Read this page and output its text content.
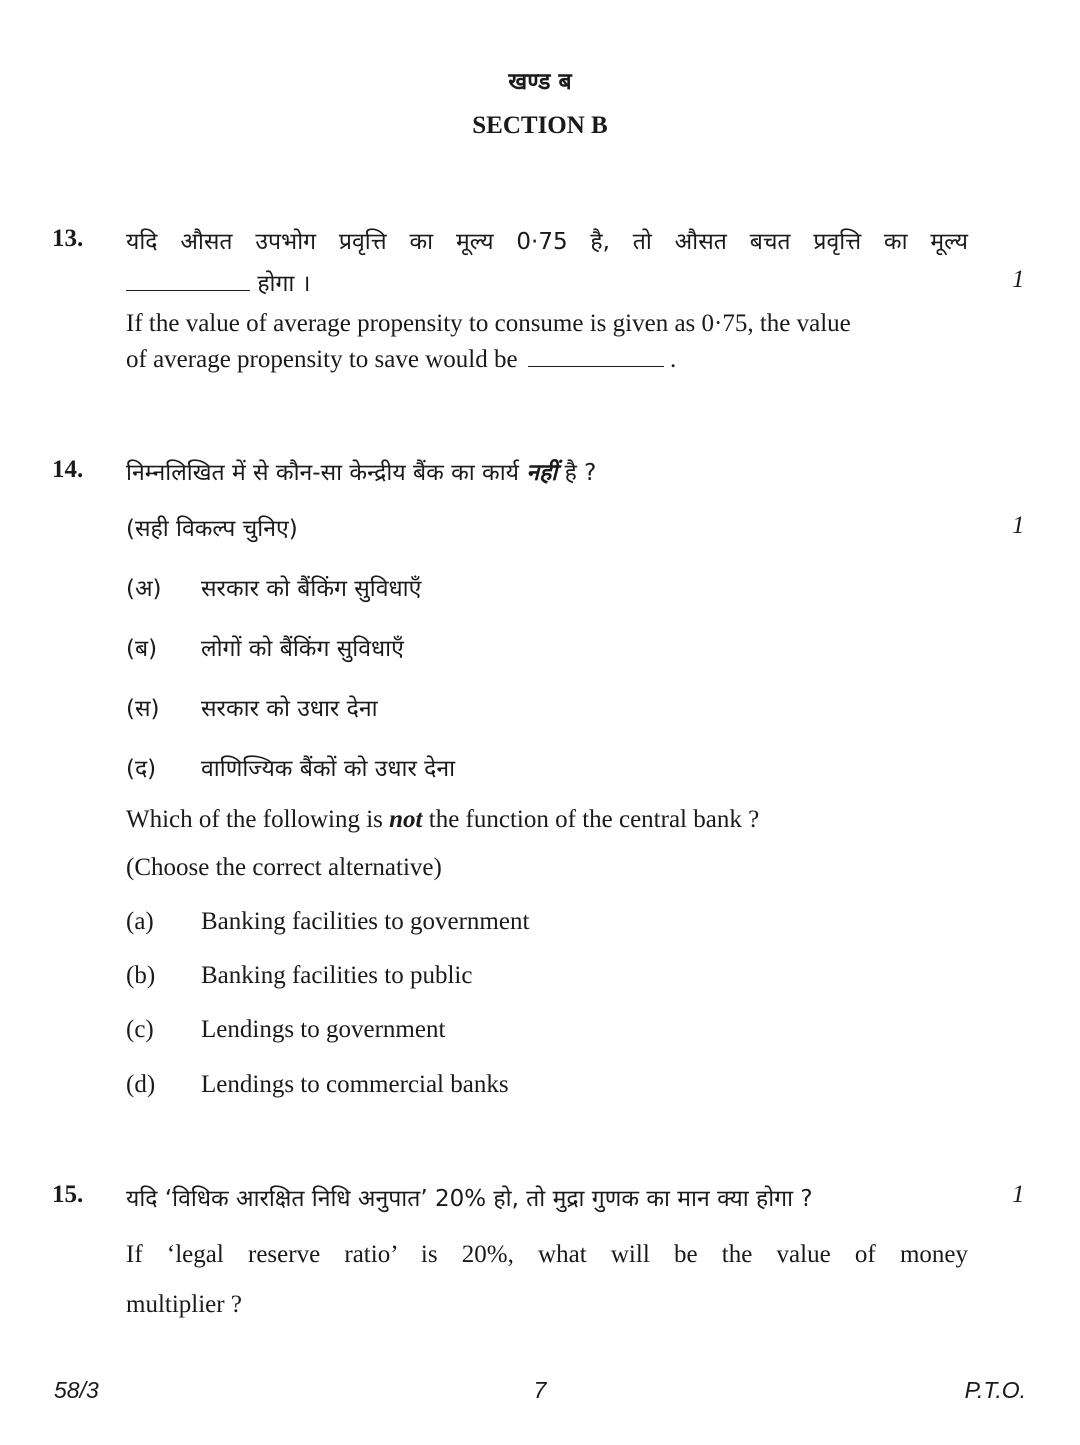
खण्ड ब
SECTION B
13. यदि औसत उपभोग प्रवृत्ति का मूल्य 0·75 है, तो औसत बचत प्रवृत्ति का मूल्य
होगा ।	1
If the value of average propensity to consume is given as 0·75, the value
of average propensity to save would be	.
14. निम्नलिखित में से कौन-सा केन्द्रीय बैंक का कार्य नहीं है ?
(सही विकल्प चुनिए)	1
(अ) सरकार को बैंकिंग सुविधाएँ
(ब) लोगों को बैंकिंग सुविधाएँ
(स) सरकार को उधार देना
(द) वाणिज्यिक बैंकों को उधार देना
Which of the following is not the function of the central bank ?
(Choose the correct alternative)
(a) Banking facilities to government
(b) Banking facilities to public
(c) Lendings to government
(d) Lendings to commercial banks
15. यदि ‘विधिक आरक्षित निधि अनुपात’ 20% हो, तो मुद्रा गुणक का मान क्या होगा ?	1
If ‘legal reserve ratio’ is 20%, what will be the value of money
multiplier ?
58/3	7	P.T.O.
